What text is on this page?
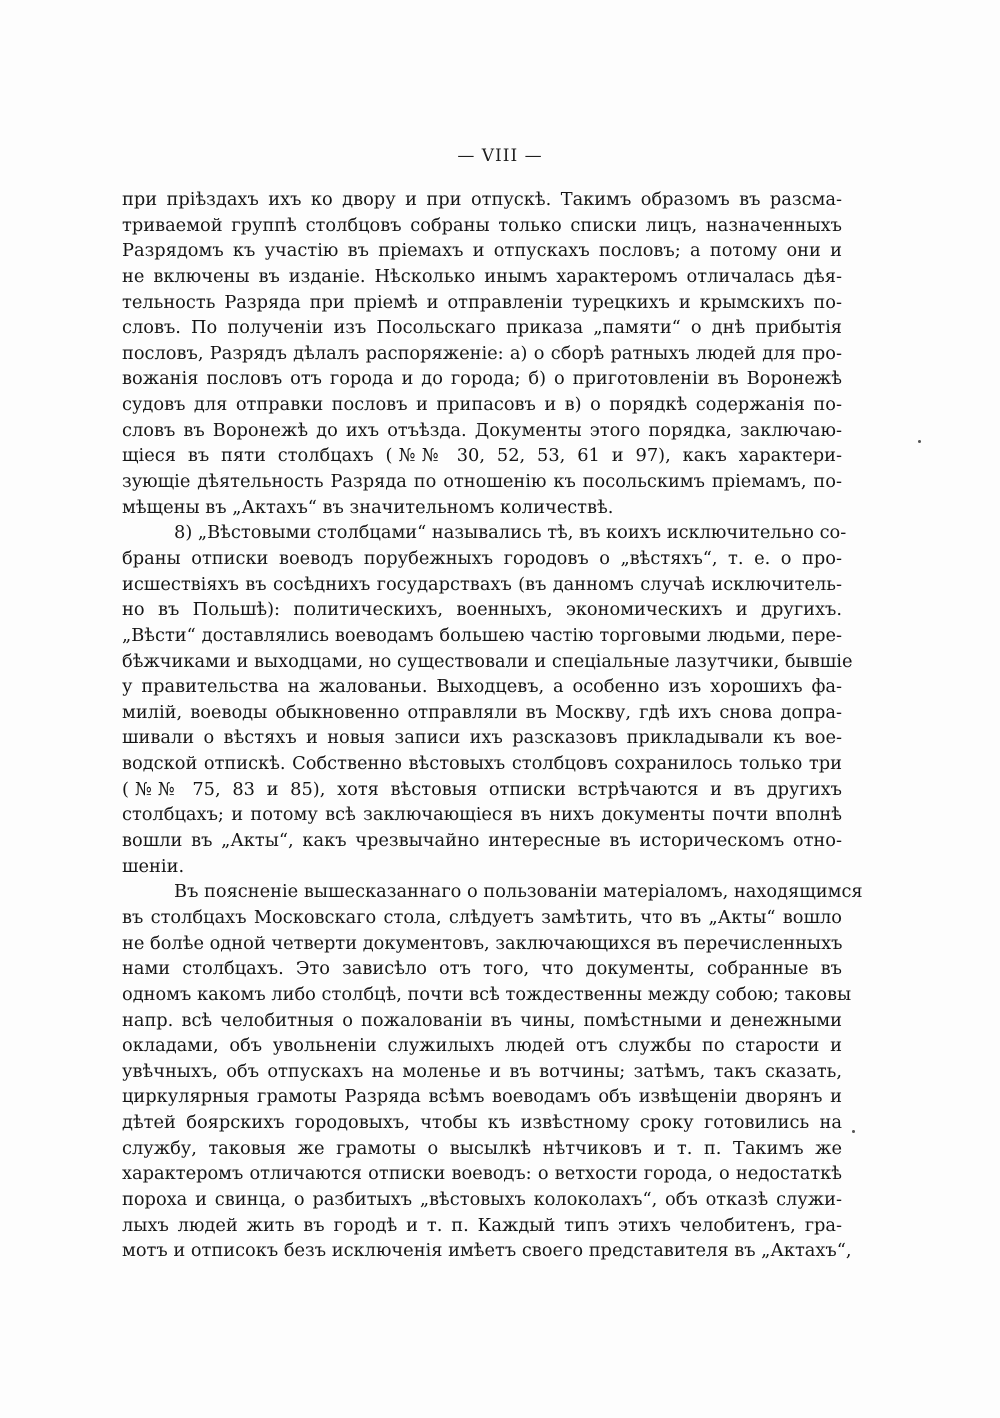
— VIII —
при пріѣздахъ ихъ ко двору и при отпускѣ. Такимъ образомъ въ разсма-
триваемой группѣ столбцовъ собраны только списки лицъ, назначенныхъ
Разрядомъ къ участію въ пріемахъ и отпускахъ пословъ; а потому они и
не включены въ изданіе. Нѣсколько инымъ характеромъ отличалась дѣя-
тельность Разряда при пріемѣ и отправленіи турецкихъ и крымскихъ по-
словъ. По полученіи изъ Посольскаго приказа „памяти“ о днѣ прибытія
пословъ, Разрядъ дѣлалъ распоряженіе: а) о сборѣ ратныхъ людей для про-
вожанія пословъ отъ города и до города; б) о приготовленіи въ Воронежѣ
судовъ для отправки пословъ и припасовъ и в) о порядкѣ содержанія по-
словъ въ Воронежѣ до ихъ отъѣзда. Документы этого порядка, заключаю-
щіеся въ пяти столбцахъ (№№ 30, 52, 53, 61 и 97), какъ характери-
зующіе дѣятельность Разряда по отношенію къ посольскимъ пріемамъ, по-
мѣщены въ „Актахъ“ въ значительномъ количествѣ.
8) „Вѣстовыми столбцами“ назывались тѣ, въ коихъ исключительно со-
браны отписки воеводъ порубежныхъ городовъ о „вѣстяхъ“, т. е. о про-
исшествіяхъ въ сосѣднихъ государствахъ (въ данномъ случаѣ исключитель-
но въ Польшѣ): политическихъ, военныхъ, экономическихъ и другихъ.
„Вѣсти“ доставлялись воеводамъ большею частію торговыми людьми, пере-
бѣжчиками и выходцами, но существовали и спеціальные лазутчики, бывшіе
у правительства на жалованьи. Выходцевъ, а особенно изъ хорошихъ фа-
милій, воеводы обыкновенно отправляли въ Москву, гдѣ ихъ снова допра-
шивали о вѣстяхъ и новыя записи ихъ разсказовъ прикладывали къ вое-
водской отпискѣ. Собственно вѣстовыхъ столбцовъ сохранилось только три
(№№ 75, 83 и 85), хотя вѣстовыя отписки встрѣчаются и въ другихъ
столбцахъ; и потому всѣ заключающіеся въ нихъ документы почти вполнѣ
вошли въ „Акты“, какъ чрезвычайно интересные въ историческомъ отно-
шеніи.
Въ поясненіе вышесказаннаго о пользованіи матеріаломъ, находящимся
въ столбцахъ Московскаго стола, слѣдуетъ замѣтить, что въ „Акты“ вошло
не болѣе одной четверти документовъ, заключающихся въ перечисленныхъ
нами столбцахъ. Это зависѣло отъ того, что документы, собранные въ
одномъ какомъ либо столбцѣ, почти всѣ тождественны между собою; таковы
напр. всѣ челобитныя о пожалованіи въ чины, помѣстными и денежными
окладами, объ увольненіи служилыхъ людей отъ службы по старости и
увѣчныхъ, объ отпускахъ на моленье и въ вотчины; затѣмъ, такъ сказать,
циркулярныя грамоты Разряда всѣмъ воеводамъ объ извѣщеніи дворянъ и
дѣтей боярскихъ городовыхъ, чтобы къ извѣстному сроку готовились на
службу, таковыя же грамоты о высылкѣ нѣтчиковъ и т. п. Такимъ же
характеромъ отличаются отписки воеводъ: о ветхости города, о недостаткѣ
пороха и свинца, о разбитыхъ „вѣстовыхъ колоколахъ“, объ отказѣ служи-
лыхъ людей жить въ городѣ и т. п. Каждый типъ этихъ челобитенъ, гра-
мотъ и отписокъ безъ исключенія имѣетъ своего представителя въ „Актахъ“,
